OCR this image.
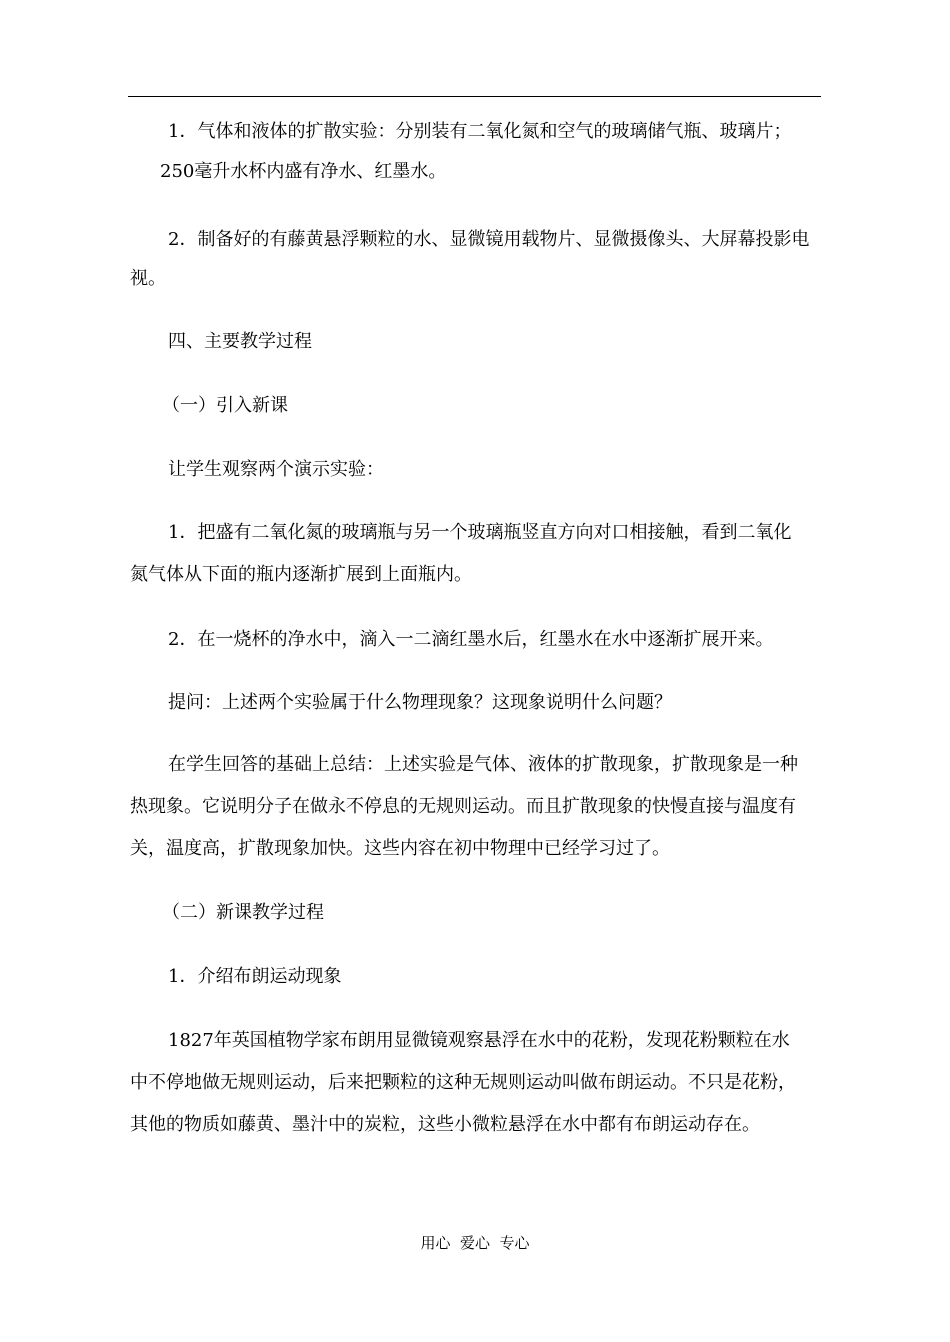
1．气体和液体的扩散实验：分别装有二氧化氮和空气的玻璃储气瓶、玻璃片；
250毫升水杯内盛有净水、红墨水。
2．制备好的有藤黄悬浮颗粒的水、显微镜用载物片、显微摄像头、大屏幕投影电
视。
四、主要教学过程
（一）引入新课
让学生观察两个演示实验：
1．把盛有二氧化氮的玻璃瓶与另一个玻璃瓶竖直方向对口相接触，看到二氧化
氮气体从下面的瓶内逐渐扩展到上面瓶内。
2．在一烧杯的净水中，滴入一二滴红墨水后，红墨水在水中逐渐扩展开来。
提问：上述两个实验属于什么物理现象？这现象说明什么问题？
在学生回答的基础上总结：上述实验是气体、液体的扩散现象，扩散现象是一种
热现象。它说明分子在做永不停息的无规则运动。而且扩散现象的快慢直接与温度有
关，温度高，扩散现象加快。这些内容在初中物理中已经学习过了。
（二）新课教学过程
1．介绍布朗运动现象
1827年英国植物学家布朗用显微镜观察悬浮在水中的花粉，发现花粉颗粒在水
中不停地做无规则运动，后来把颗粒的这种无规则运动叫做布朗运动。不只是花粉，
其他的物质如藤黄、墨汁中的炭粒，这些小微粒悬浮在水中都有布朗运动存在。
用心  爱心  专心
